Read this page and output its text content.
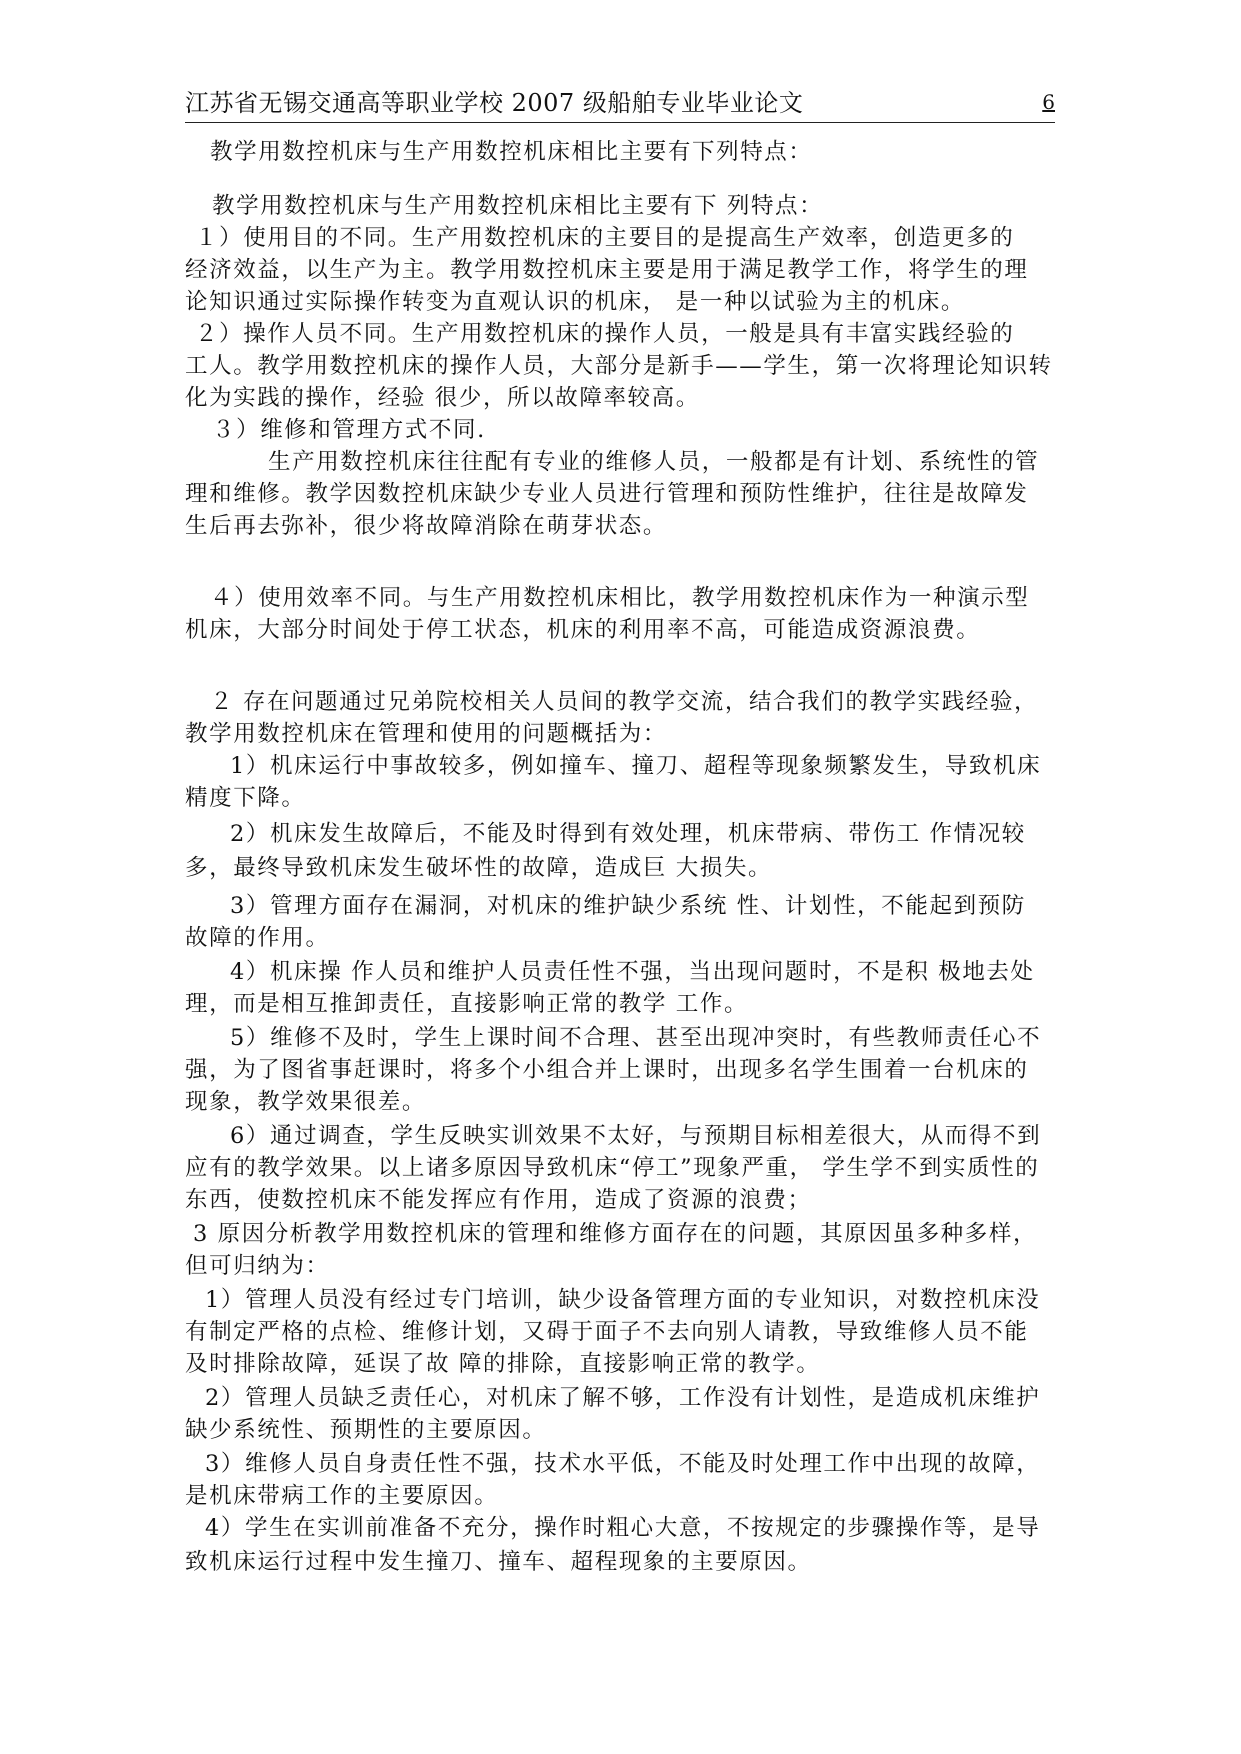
江苏省无锡交通高等职业学校 2007 级船舶专业毕业论文	6
教学用数控机床与生产用数控机床相比主要有下列特点：
教学用数控机床与生产用数控机床相比主要有下 列特点：
１）使用目的不同。生产用数控机床的主要目的是提高生产效率，创造更多的
经济效益，以生产为主。教学用数控机床主要是用于满足教学工作，将学生的理
论知识通过实际操作转变为直观认识的机床， 是一种以试验为主的机床。
２）操作人员不同。生产用数控机床的操作人员，一般是具有丰富实践经验的
工人。教学用数控机床的操作人员，大部分是新手——学生，第一次将理论知识转
化为实践的操作，经验 很少，所以故障率较高。
３）维修和管理方式不同.
生产用数控机床往往配有专业的维修人员，一般都是有计划、系统性的管
理和维修。教学因数控机床缺少专业人员进行管理和预防性维护，往往是故障发
生后再去弥补，很少将故障消除在萌芽状态。
４）使用效率不同。与生产用数控机床相比，教学用数控机床作为一种演示型
机床，大部分时间处于停工状态，机床的利用率不高，可能造成资源浪费。
２ 存在问题通过兄弟院校相关人员间的教学交流，结合我们的教学实践经验，
教学用数控机床在管理和使用的问题概括为：
1）机床运行中事故较多，例如撞车、撞刀、超程等现象频繁发生，导致机床
精度下降。
2）机床发生故障后，不能及时得到有效处理，机床带病、带伤工 作情况较
多，最终导致机床发生破坏性的故障，造成巨 大损失。
3）管理方面存在漏洞，对机床的维护缺少系统 性、计划性，不能起到预防
故障的作用。
4）机床操 作人员和维护人员责任性不强，当出现问题时，不是积 极地去处
理，而是相互推卸责任，直接影响正常的教学 工作。
5）维修不及时，学生上课时间不合理、甚至出现冲突时，有些教师责任心不
强，为了图省事赶课时，将多个小组合并上课时，出现多名学生围着一台机床的
现象，教学效果很差。
6）通过调查，学生反映实训效果不太好，与预期目标相差很大，从而得不到
应有的教学效果。以上诸多原因导致机床“停工”现象严重， 学生学不到实质性的
东西，使数控机床不能发挥应有作用，造成了资源的浪费；
3 原因分析教学用数控机床的管理和维修方面存在的问题，其原因虽多种多样，
但可归纳为：
1）管理人员没有经过专门培训，缺少设备管理方面的专业知识，对数控机床没
有制定严格的点检、维修计划，又碍于面子不去向别人请教，导致维修人员不能
及时排除故障，延误了故 障的排除，直接影响正常的教学。
2）管理人员缺乏责任心，对机床了解不够，工作没有计划性，是造成机床维护
缺少系统性、预期性的主要原因。
3）维修人员自身责任性不强，技术水平低，不能及时处理工作中出现的故障，
是机床带病工作的主要原因。
4）学生在实训前准备不充分，操作时粗心大意，不按规定的步骤操作等，是导
致机床运行过程中发生撞刀、撞车、超程现象的主要原因。
